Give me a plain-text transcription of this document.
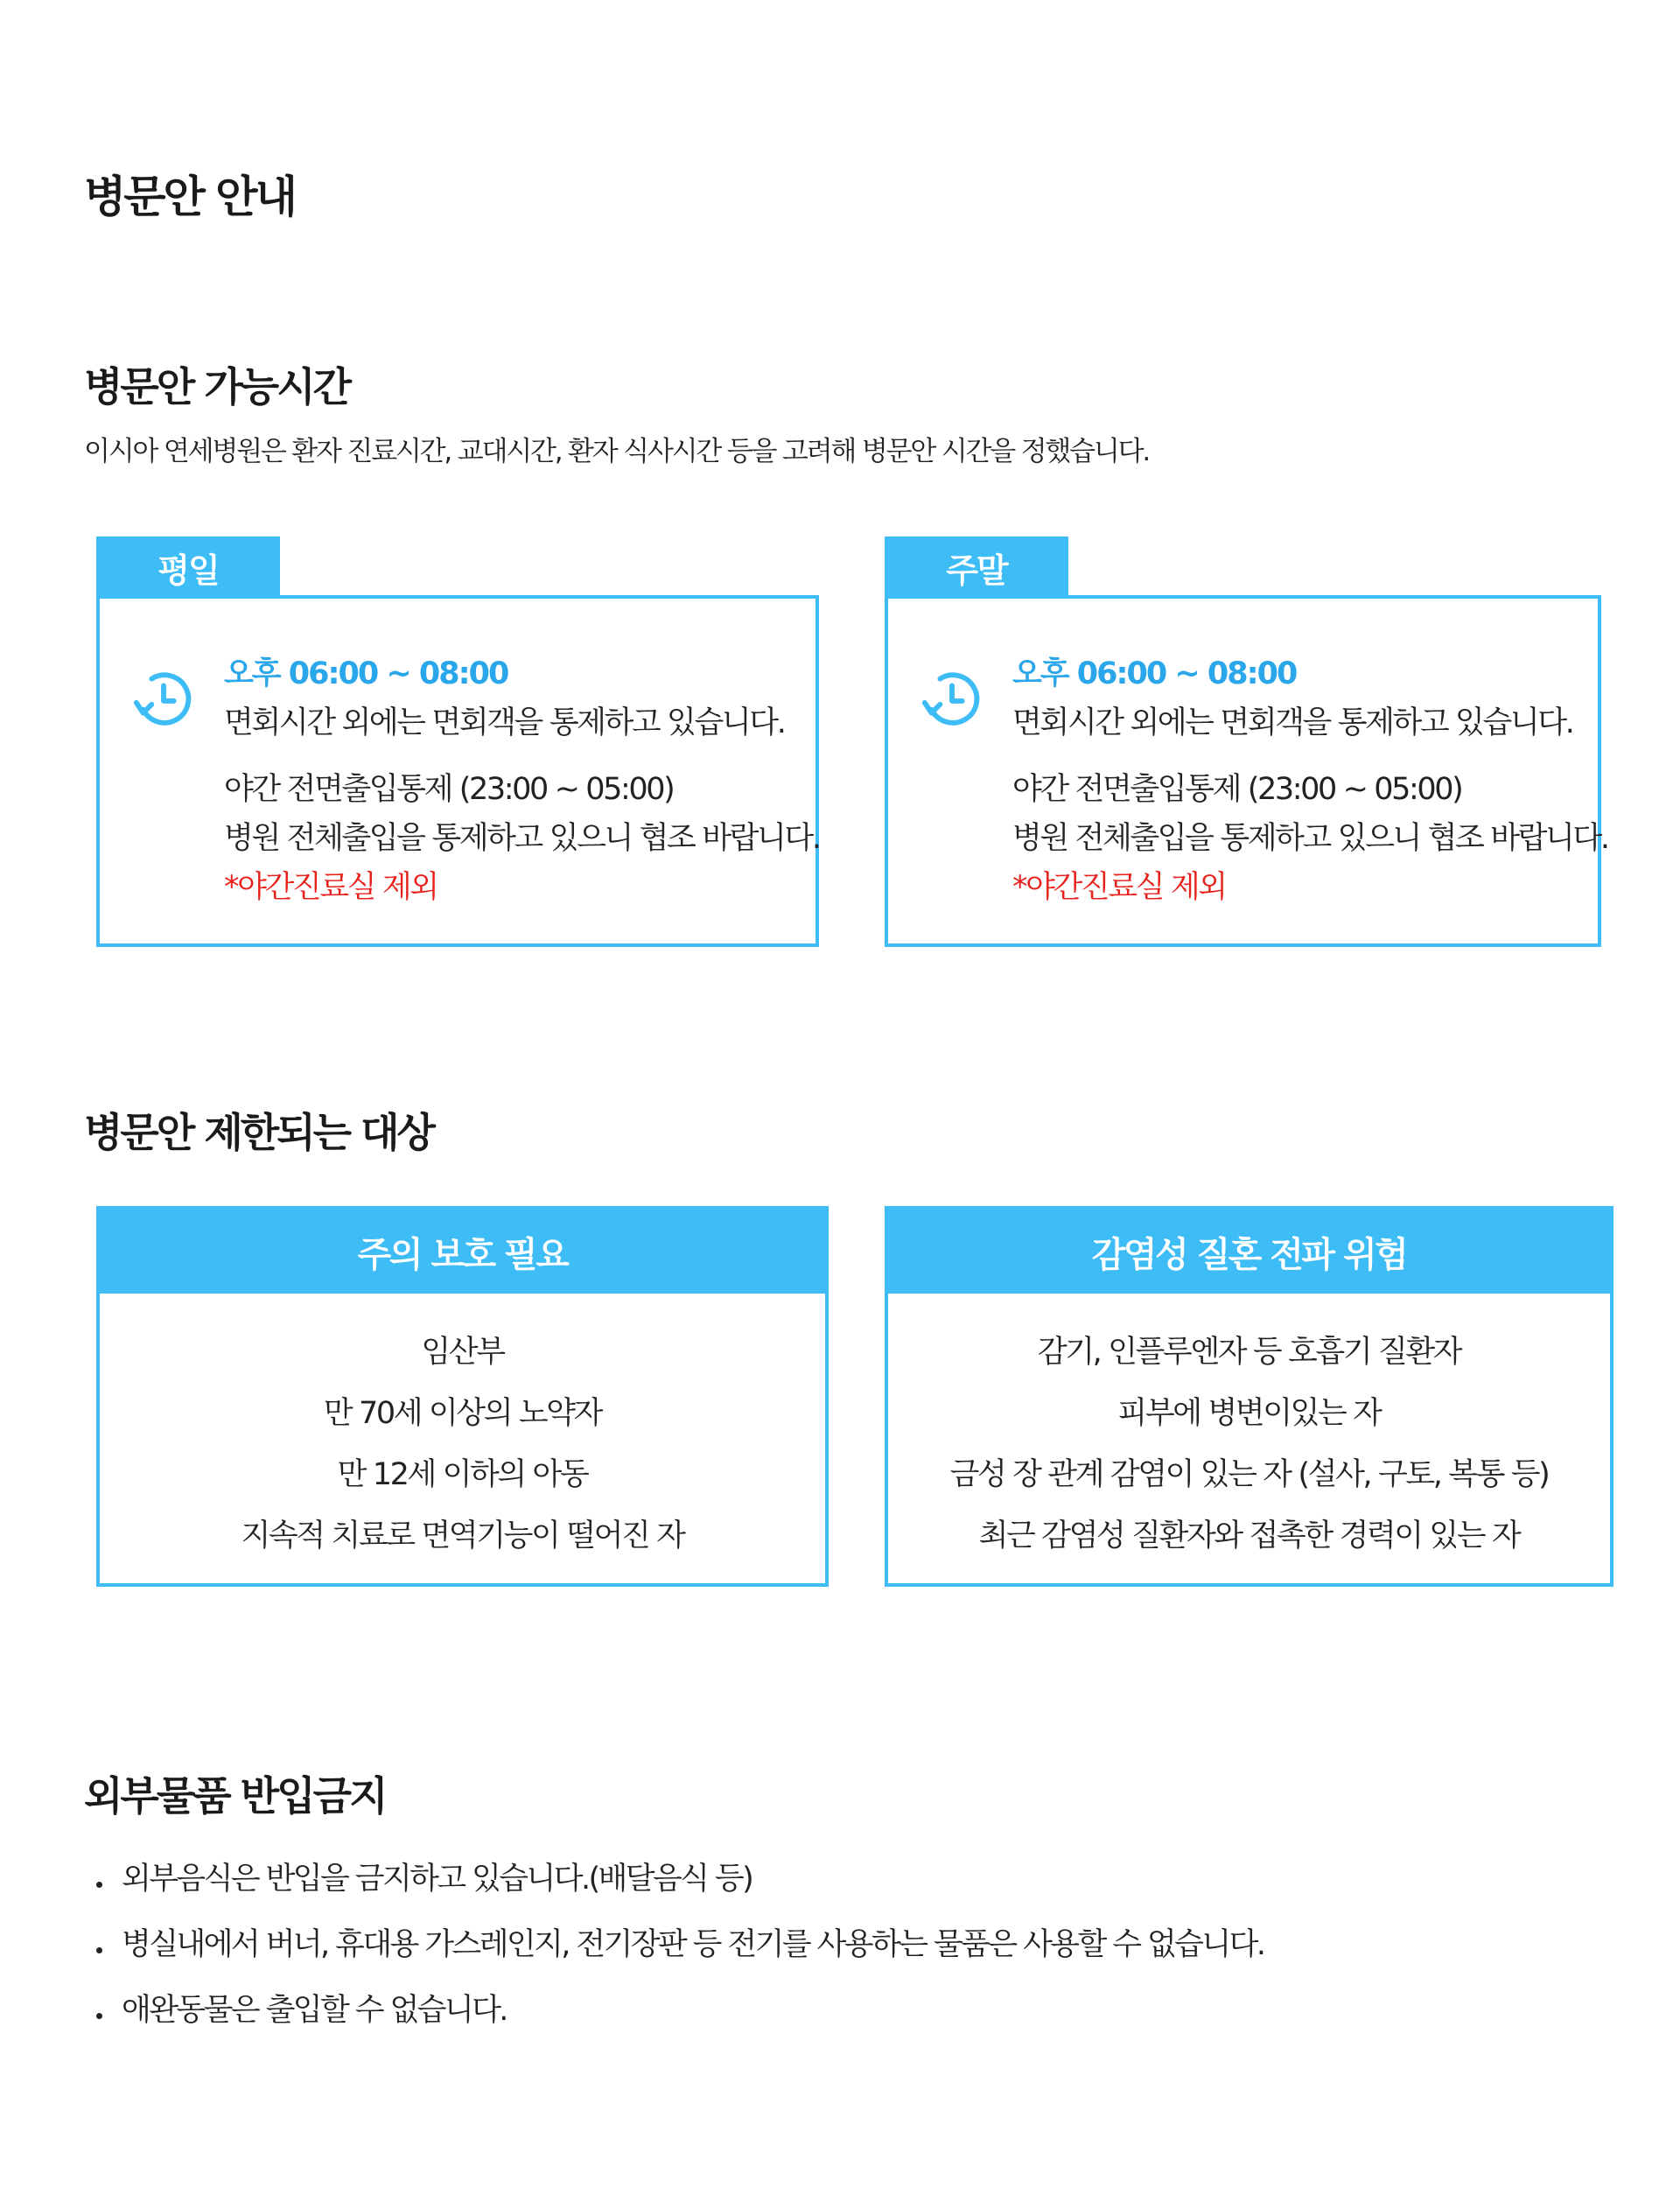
병문안 안내
병문안 가능시간
이시아 연세병원은 환자 진료시간, 교대시간, 환자 식사시간 등을 고려해 병문안 시간을 정했습니다.
평일
오후 06:00 ~ 08:00
면회시간 외에는 면회객을 통제하고 있습니다.
야간 전면출입통제 (23:00 ~ 05:00)
병원 전체출입을 통제하고 있으니 협조 바랍니다.
*야간진료실 제외
주말
오후 06:00 ~ 08:00
면회시간 외에는 면회객을 통제하고 있습니다.
야간 전면출입통제 (23:00 ~ 05:00)
병원 전체출입을 통제하고 있으니 협조 바랍니다.
*야간진료실 제외
병문안 제한되는 대상
주의 보호 필요
임산부
만 70세 이상의 노약자
만 12세 이하의 아동
지속적 치료로 면역기능이 떨어진 자
감염성 질혼 전파 위험
감기, 인플루엔자 등 호흡기 질환자
피부에 병변이있는 자
금성 장 관계 감염이 있는 자 (설사, 구토, 복통 등)
최근 감염성 질환자와 접촉한 경력이 있는 자
외부물품 반입금지
외부음식은 반입을 금지하고 있습니다.(배달음식 등)
병실내에서 버너, 휴대용 가스레인지, 전기장판 등 전기를 사용하는 물품은 사용할 수 없습니다.
애완동물은 출입할 수 없습니다.
